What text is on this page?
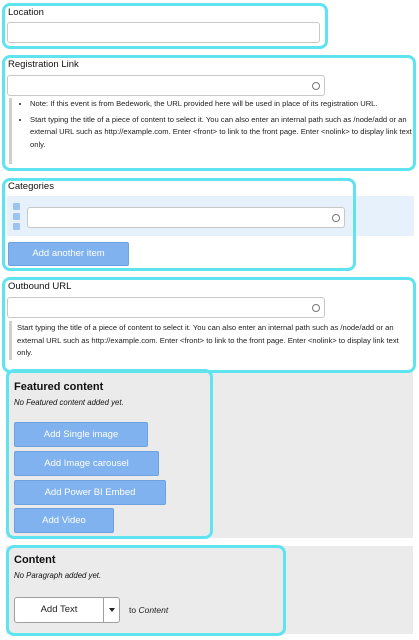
Location
Registration Link
• Note: If this event is from Bedework, the URL provided here will be used in place of its registration URL.
• Start typing the title of a piece of content to select it. You can also enter an internal path such as /node/add or an external URL such as http://example.com. Enter <front> to link to the front page. Enter <nolink> to display link text only.
Categories
Add another item
Outbound URL
Start typing the title of a piece of content to select it. You can also enter an internal path such as /node/add or an external URL such as http://example.com. Enter <front> to link to the front page. Enter <nolink> to display link text only.
Featured content
No Featured content added yet.
Add Single image
Add Image carousel
Add Power BI Embed
Add Video
Content
No Paragraph added yet.
Add Text	to Content
